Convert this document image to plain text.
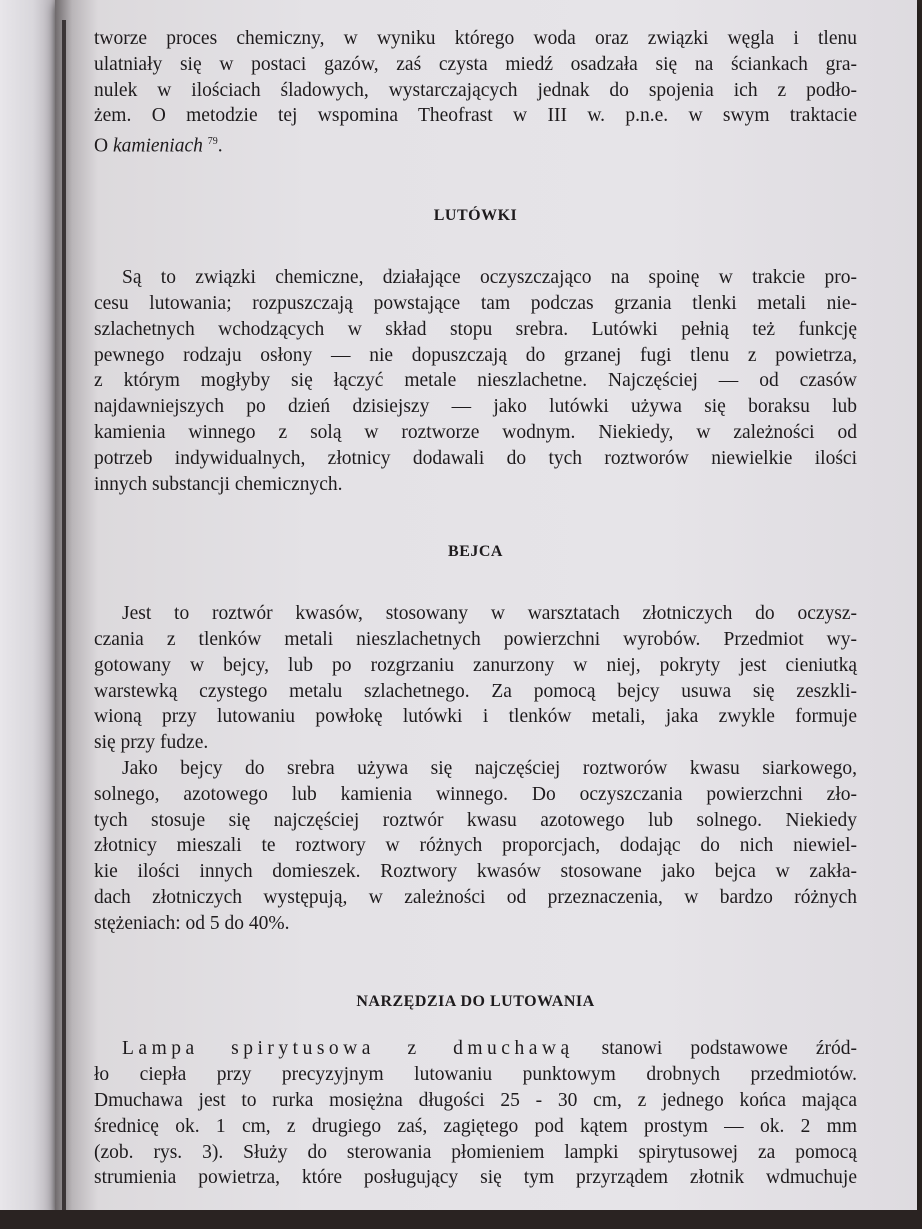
tworze proces chemiczny, w wyniku którego woda oraz związki węgla i tlenu
ulatniały się w postaci gazów, zaś czysta miedź osadzała się na ściankach gra-
nulek w ilościach śladowych, wystarczających jednak do spojenia ich z podło-
żem. O metodzie tej wspomina Theofrast w III w. p.n.e. w swym traktacie
O kamieniach $^{79}$.
LUTÓWKI
Są to związki chemiczne, działające oczyszczająco na spoinę w trakcie pro-
cesu lutowania; rozpuszczają powstające tam podczas grzania tlenki metali nie-
szlachetnych wchodzących w skład stopu srebra. Lutówki pełnią też funkcję
pewnego rodzaju osłony — nie dopuszczają do grzanej fugi tlenu z powietrza,
z którym mogłyby się łączyć metale nieszlachetne. Najczęściej — od czasów
najdawniejszych po dzień dzisiejszy — jako lutówki używa się boraksu lub
kamienia winnego z solą w roztworze wodnym. Niekiedy, w zależności od
potrzeb indywidualnych, złotnicy dodawali do tych roztworów niewielkie ilości
innych substancji chemicznych.
BEJCA
Jest to roztwór kwasów, stosowany w warsztatach złotniczych do oczysz-
czania z tlenków metali nieszlachetnych powierzchni wyrobów. Przedmiot wy-
gotowany w bejcy, lub po rozgrzaniu zanurzony w niej, pokryty jest cieniutką
warstewką czystego metalu szlachetnego. Za pomocą bejcy usuwa się zeszkli-
wioną przy lutowaniu powłokę lutówki i tlenków metali, jaka zwykle formuje
się przy fudze.
Jako bejcy do srebra używa się najczęściej roztworów kwasu siarkowego,
solnego, azotowego lub kamienia winnego. Do oczyszczania powierzchni zło-
tych stosuje się najczęściej roztwór kwasu azotowego lub solnego. Niekiedy
złotnicy mieszali te roztwory w różnych proporcjach, dodając do nich niewiel-
kie ilości innych domieszek. Roztwory kwasów stosowane jako bejca w zakła-
dach złotniczych występują, w zależności od przeznaczenia, w bardzo różnych
stężeniach: od 5 do 40%.
NARZĘDZIA DO LUTOWANIA
Lampa spirytusowa z dmuchawą stanowi podstawowe źród-
ło ciepła przy precyzyjnym lutowaniu punktowym drobnych przedmiotów.
Dmuchawa jest to rurka mosiężna długości 25 - 30 cm, z jednego końca mająca
średnicę ok. 1 cm, z drugiego zaś, zagiętego pod kątem prostym — ok. 2 mm
(zob. rys. 3). Służy do sterowania płomieniem lampki spirytusowej za pomocą
strumienia powietrza, które posługujący się tym przyrządem złotnik wdmuchuje
